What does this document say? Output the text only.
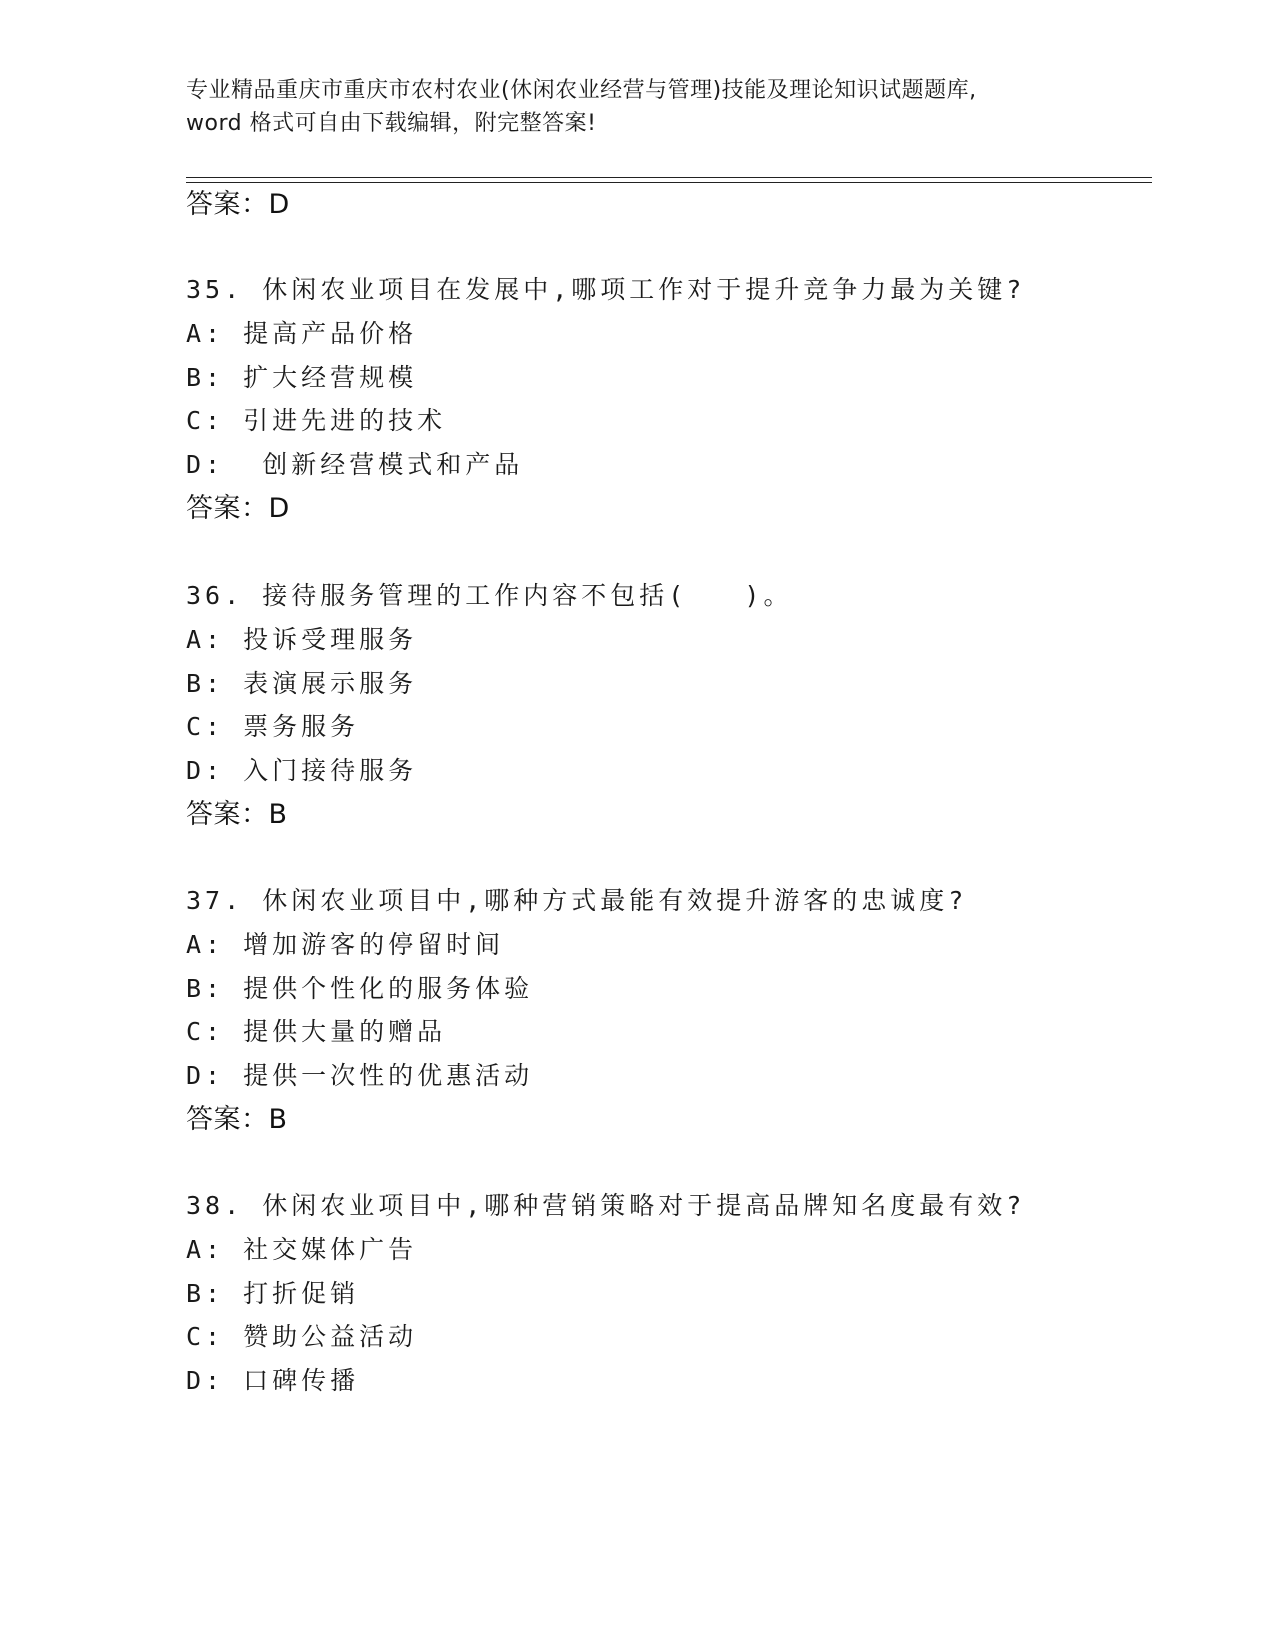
专业精品重庆市重庆市农村农业(休闲农业经营与管理)技能及理论知识试题题库,
word 格式可自由下载编辑，附完整答案!
答案：D
35. 休闲农业项目在发展中,哪项工作对于提升竞争力最为关键?
A: 提高产品价格
B: 扩大经营规模
C: 引进先进的技术
D:  创新经营模式和产品
答案：D
36. 接待服务管理的工作内容不包括(   )。
A: 投诉受理服务
B: 表演展示服务
C: 票务服务
D: 入门接待服务
答案：B
37. 休闲农业项目中,哪种方式最能有效提升游客的忠诚度?
A: 增加游客的停留时间
B: 提供个性化的服务体验
C: 提供大量的赠品
D: 提供一次性的优惠活动
答案：B
38. 休闲农业项目中,哪种营销策略对于提高品牌知名度最有效?
A: 社交媒体广告
B: 打折促销
C: 赞助公益活动
D: 口碑传播
